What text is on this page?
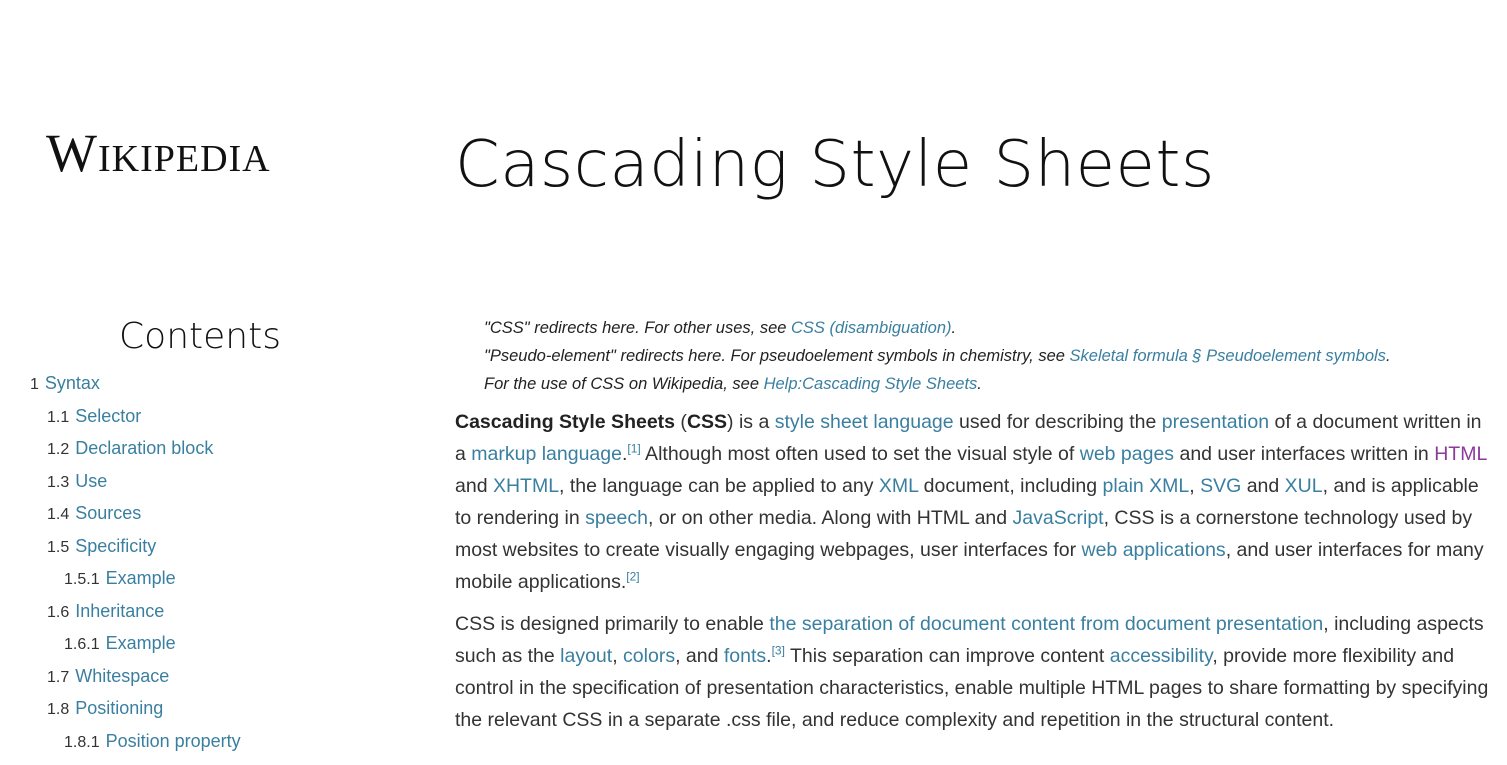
Wikipedia	Cascading Style Sheets
Contents
1 Syntax
1.1 Selector
1.2 Declaration block
1.3 Use
1.4 Sources
1.5 Specificity
1.5.1 Example
1.6 Inheritance
1.6.1 Example
1.7 Whitespace
1.8 Positioning
1.8.1 Position property

"CSS" redirects here. For other uses, see CSS (disambiguation).

"Pseudo-element" redirects here. For pseudoelement symbols in chemistry, see Skeletal formula § Pseudoelement symbols.

For the use of CSS on Wikipedia, see Help:Cascading Style Sheets.

Cascading Style Sheets (CSS) is a style sheet language used for describing the presentation of a document written in a markup language.[1] Although most often used to set the visual style of web pages and user interfaces written in HTML and XHTML, the language can be applied to any XML document, including plain XML, SVG and XUL, and is applicable to rendering in speech, or on other media. Along with HTML and JavaScript, CSS is a cornerstone technology used by most websites to create visually engaging webpages, user interfaces for web applications, and user interfaces for many mobile applications.[2]

CSS is designed primarily to enable the separation of document content from document presentation, including aspects such as the layout, colors, and fonts.[3] This separation can improve content accessibility, provide more flexibility and control in the specification of presentation characteristics, enable multiple HTML pages to share formatting by specifying the relevant CSS in a separate .css file, and reduce complexity and repetition in the structural content.
